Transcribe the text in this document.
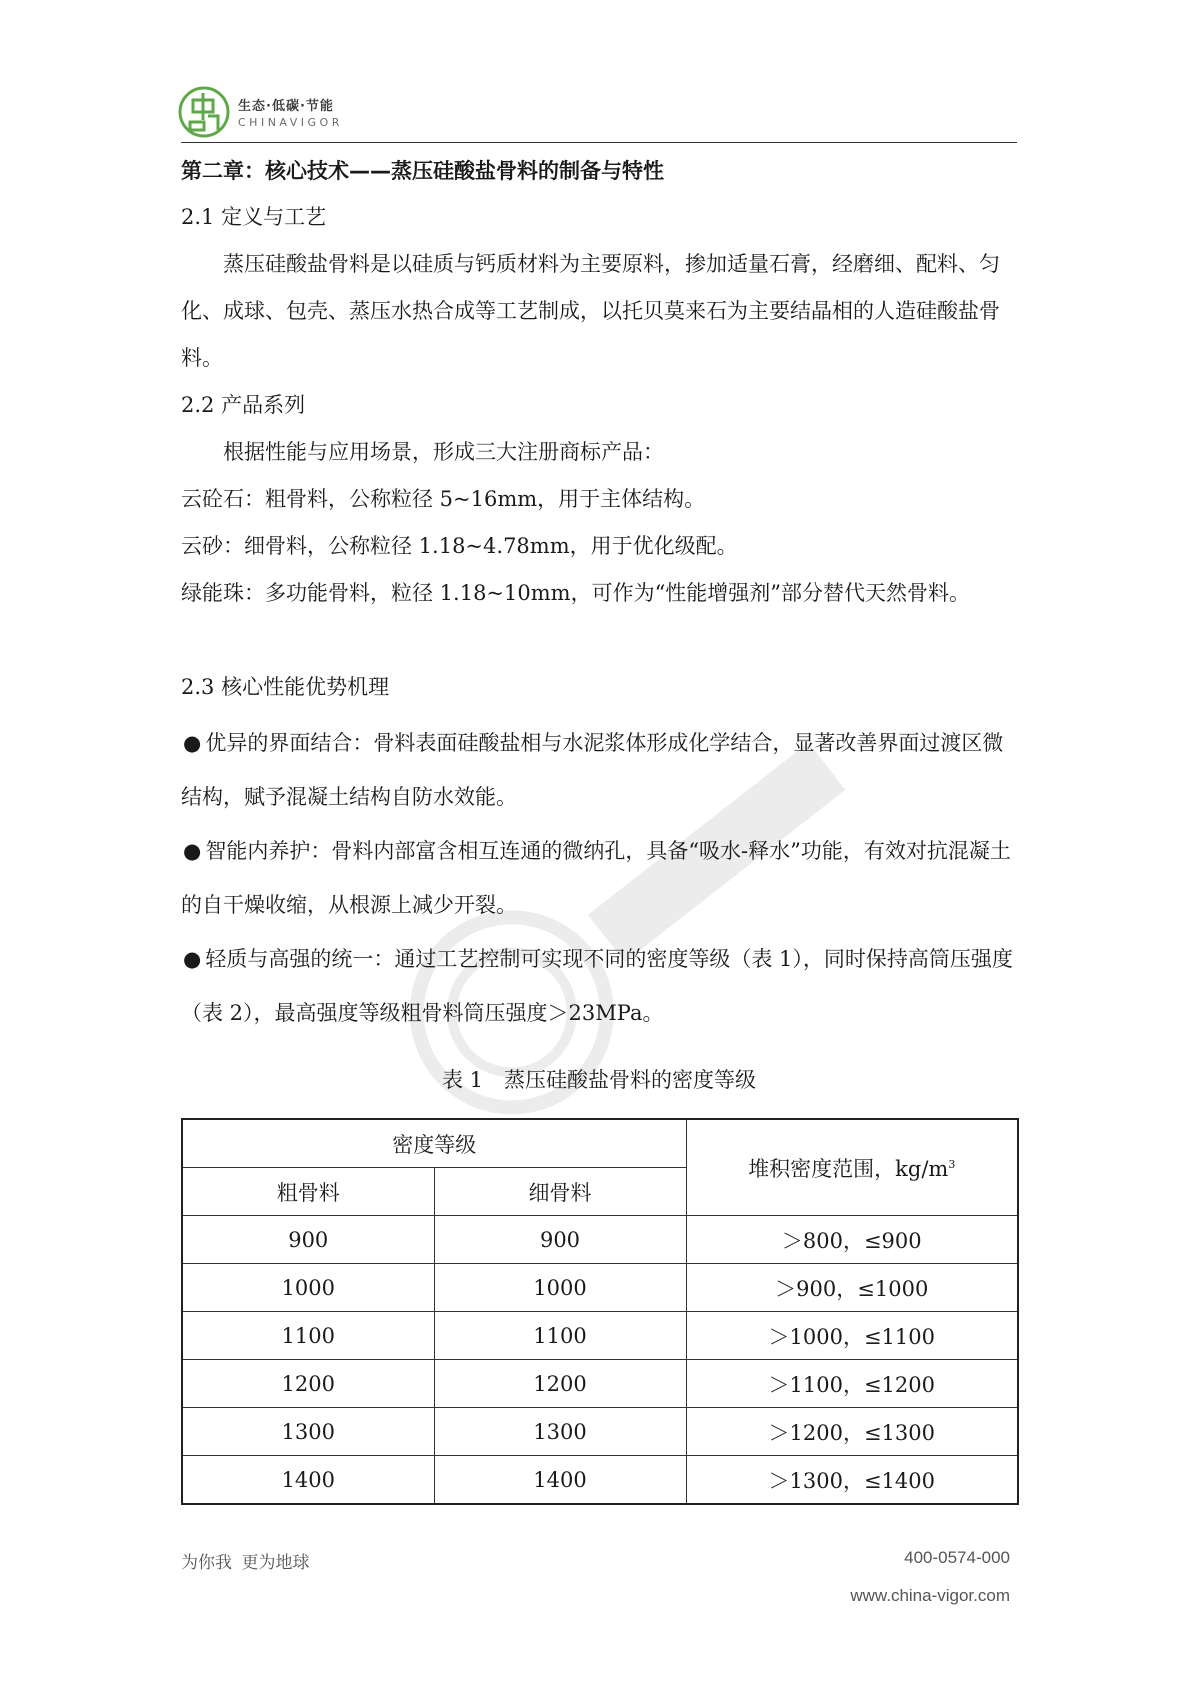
生态·低碳·节能
CHINAVIGOR

第二章：核心技术——蒸压硅酸盐骨料的制备与特性

2.1 定义与工艺

蒸压硅酸盐骨料是以硅质与钙质材料为主要原料，掺加适量石膏，经磨细、配料、匀化、成球、包壳、蒸压水热合成等工艺制成，以托贝莫来石为主要结晶相的人造硅酸盐骨料。

2.2 产品系列

根据性能与应用场景，形成三大注册商标产品：

云砼石：粗骨料，公称粒径 5~16mm，用于主体结构。

云砂：细骨料，公称粒径 1.18~4.78mm，用于优化级配。

绿能珠：多功能骨料，粒径 1.18~10mm，可作为“性能增强剂”部分替代天然骨料。

2.3 核心性能优势机理

● 优异的界面结合：骨料表面硅酸盐相与水泥浆体形成化学结合，显著改善界面过渡区微结构，赋予混凝土结构自防水效能。

● 智能内养护：骨料内部富含相互连通的微纳孔，具备“吸水-释水”功能，有效对抗混凝土的自干燥收缩，从根源上减少开裂。

● 轻质与高强的统一：通过工艺控制可实现不同的密度等级（表 1），同时保持高筒压强度（表 2），最高强度等级粗骨料筒压强度＞23MPa。

表 1　蒸压硅酸盐骨料的密度等级
密度等级		堆积密度范围，$kg/m^3$
粗骨料	细骨料	
900	900	＞800，≤900
1000	1000	＞900，≤1000
1100	1100	＞1000，≤1100
1200	1200	＞1100，≤1200
1300	1300	＞1200，≤1300
1400	1400	＞1300，≤1400
为你我  更为地球	400-0574-000
www.china-vigor.com
